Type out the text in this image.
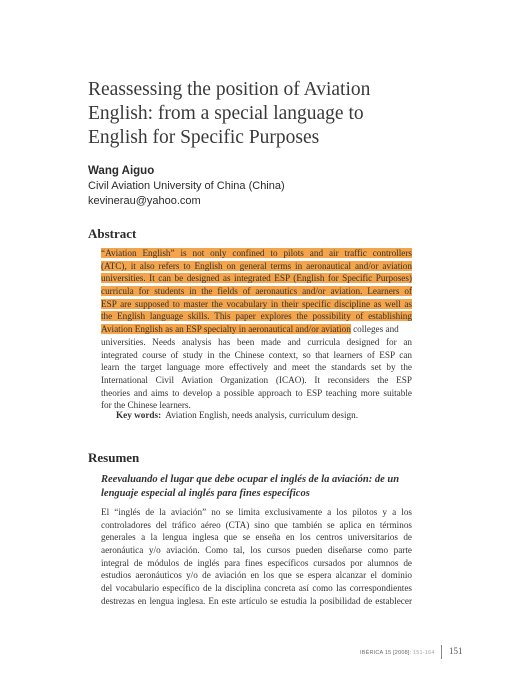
Reassessing the position of Aviation
English: from a special language to
English for Specific Purposes
Wang Aiguo
Civil Aviation University of China (China)
kevinerau@yahoo.com
Abstract
“Aviation English” is not only confined to pilots and air traffic controllers
(ATC), it also refers to English on general terms in aeronautical and/or aviation
universities. It can be designed as integrated ESP (English for Specific Purposes)
curricula for students in the fields of aeronautics and/or aviation. Learners of
ESP are supposed to master the vocabulary in their specific discipline as well as
the English language skills. This paper explores the possibility of establishing
Aviation English as an ESP specialty in aeronautical and/or aviation colleges and
universities. Needs analysis has been made and curricula designed for an
integrated course of study in the Chinese context, so that learners of ESP can
learn the target language more effectively and meet the standards set by the
International Civil Aviation Organization (ICAO). It reconsiders the ESP
theories and aims to develop a possible approach to ESP teaching more suitable
for the Chinese learners.
Key words: Aviation English, needs analysis, curriculum design.
Resumen
Reevaluando el lugar que debe ocupar el inglés de la aviación: de un
lenguaje especial al inglés para fines específicos
El “inglés de la aviación” no se limita exclusivamente a los pilotos y a los
controladores del tráfico aéreo (CTA) sino que también se aplica en términos
generales a la lengua inglesa que se enseña en los centros universitarios de
aeronáutica y/o aviación. Como tal, los cursos pueden diseñarse como parte
integral de módulos de inglés para fines específicos cursados por alumnos de
estudios aeronáuticos y/o de aviación en los que se espera alcanzar el dominio
del vocabulario específico de la disciplina concreta así como las correspondientes
destrezas en lengua inglesa. En este artículo se estudia la posibilidad de establecer
IBÉRICA 15 [2008]: 151-164 151
